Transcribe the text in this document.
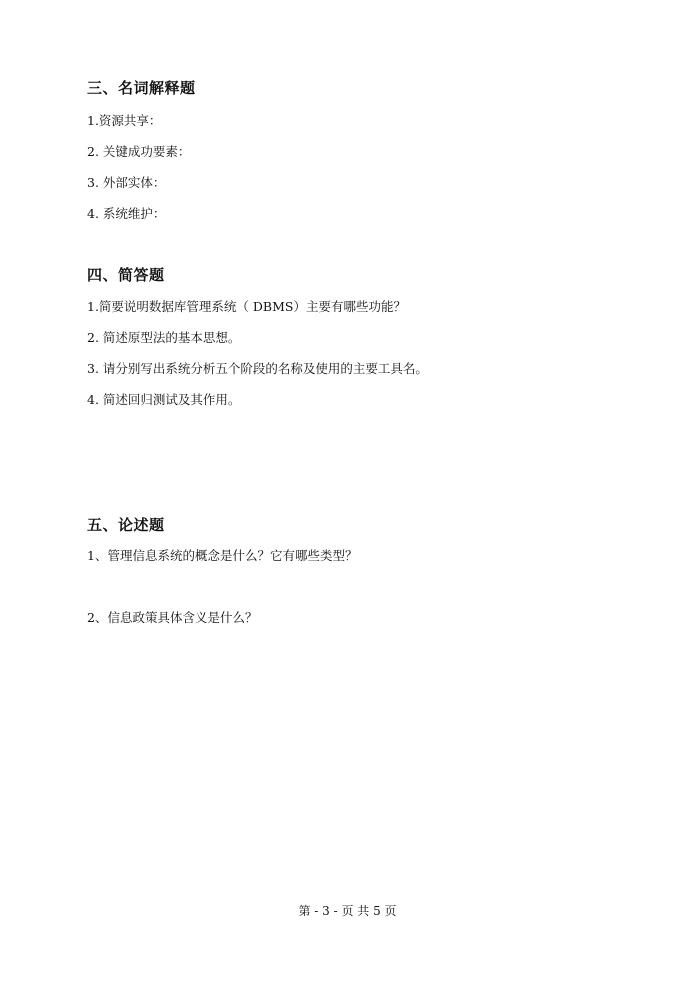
三、名词解释题
1.资源共享：
2. 关键成功要素：
3. 外部实体：
4. 系统维护：
四、简答题
1.简要说明数据库管理系统（ DBMS）主要有哪些功能？
2. 简述原型法的基本思想。
3. 请分别写出系统分析五个阶段的名称及使用的主要工具名。
4. 简述回归测试及其作用。
五、论述题
1、管理信息系统的概念是什么？它有哪些类型？
2、信息政策具体含义是什么？
第 - 3 - 页 共 5 页
